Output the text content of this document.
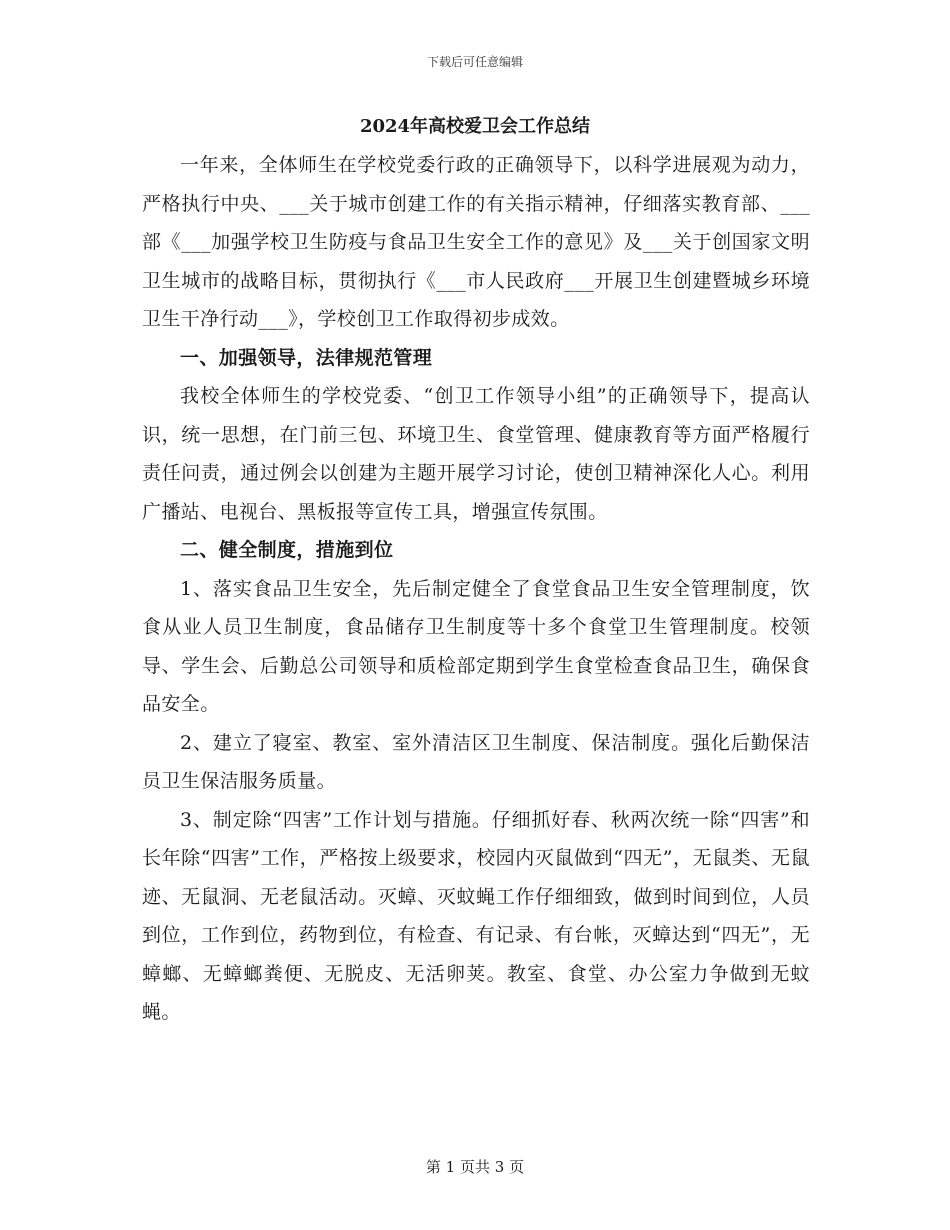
下载后可任意编辑
2024年高校爱卫会工作总结

一年来，全体师生在学校党委行政的正确领导下，以科学进展观为动力，严格执行中央、___关于城市创建工作的有关指示精神，仔细落实教育部、___部《___加强学校卫生防疫与食品卫生安全工作的意见》及___关于创国家文明卫生城市的战略目标，贯彻执行《___市人民政府___开展卫生创建暨城乡环境卫生干净行动___》，学校创卫工作取得初步成效。

一、加强领导，法律规范管理

我校全体师生的学校党委、“创卫工作领导小组”的正确领导下，提高认识，统一思想，在门前三包、环境卫生、食堂管理、健康教育等方面严格履行责任问责，通过例会以创建为主题开展学习讨论，使创卫精神深化人心。利用广播站、电视台、黑板报等宣传工具，增强宣传氛围。

二、健全制度，措施到位

1、落实食品卫生安全，先后制定健全了食堂食品卫生安全管理制度，饮食从业人员卫生制度，食品储存卫生制度等十多个食堂卫生管理制度。校领导、学生会、后勤总公司领导和质检部定期到学生食堂检查食品卫生，确保食品安全。

2、建立了寝室、教室、室外清洁区卫生制度、保洁制度。强化后勤保洁员卫生保洁服务质量。

3、制定除“四害”工作计划与措施。仔细抓好春、秋两次统一除“四害”和长年除“四害”工作，严格按上级要求，校园内灭鼠做到“四无”，无鼠类、无鼠迹、无鼠洞、无老鼠活动。灭蟑、灭蚊蝇工作仔细细致，做到时间到位，人员到位，工作到位，药物到位，有检查、有记录、有台帐，灭蟑达到“四无”，无蟑螂、无蟑螂粪便、无脱皮、无活卵荚。教室、食堂、办公室力争做到无蚊蝇。

第 1 页共 3 页
